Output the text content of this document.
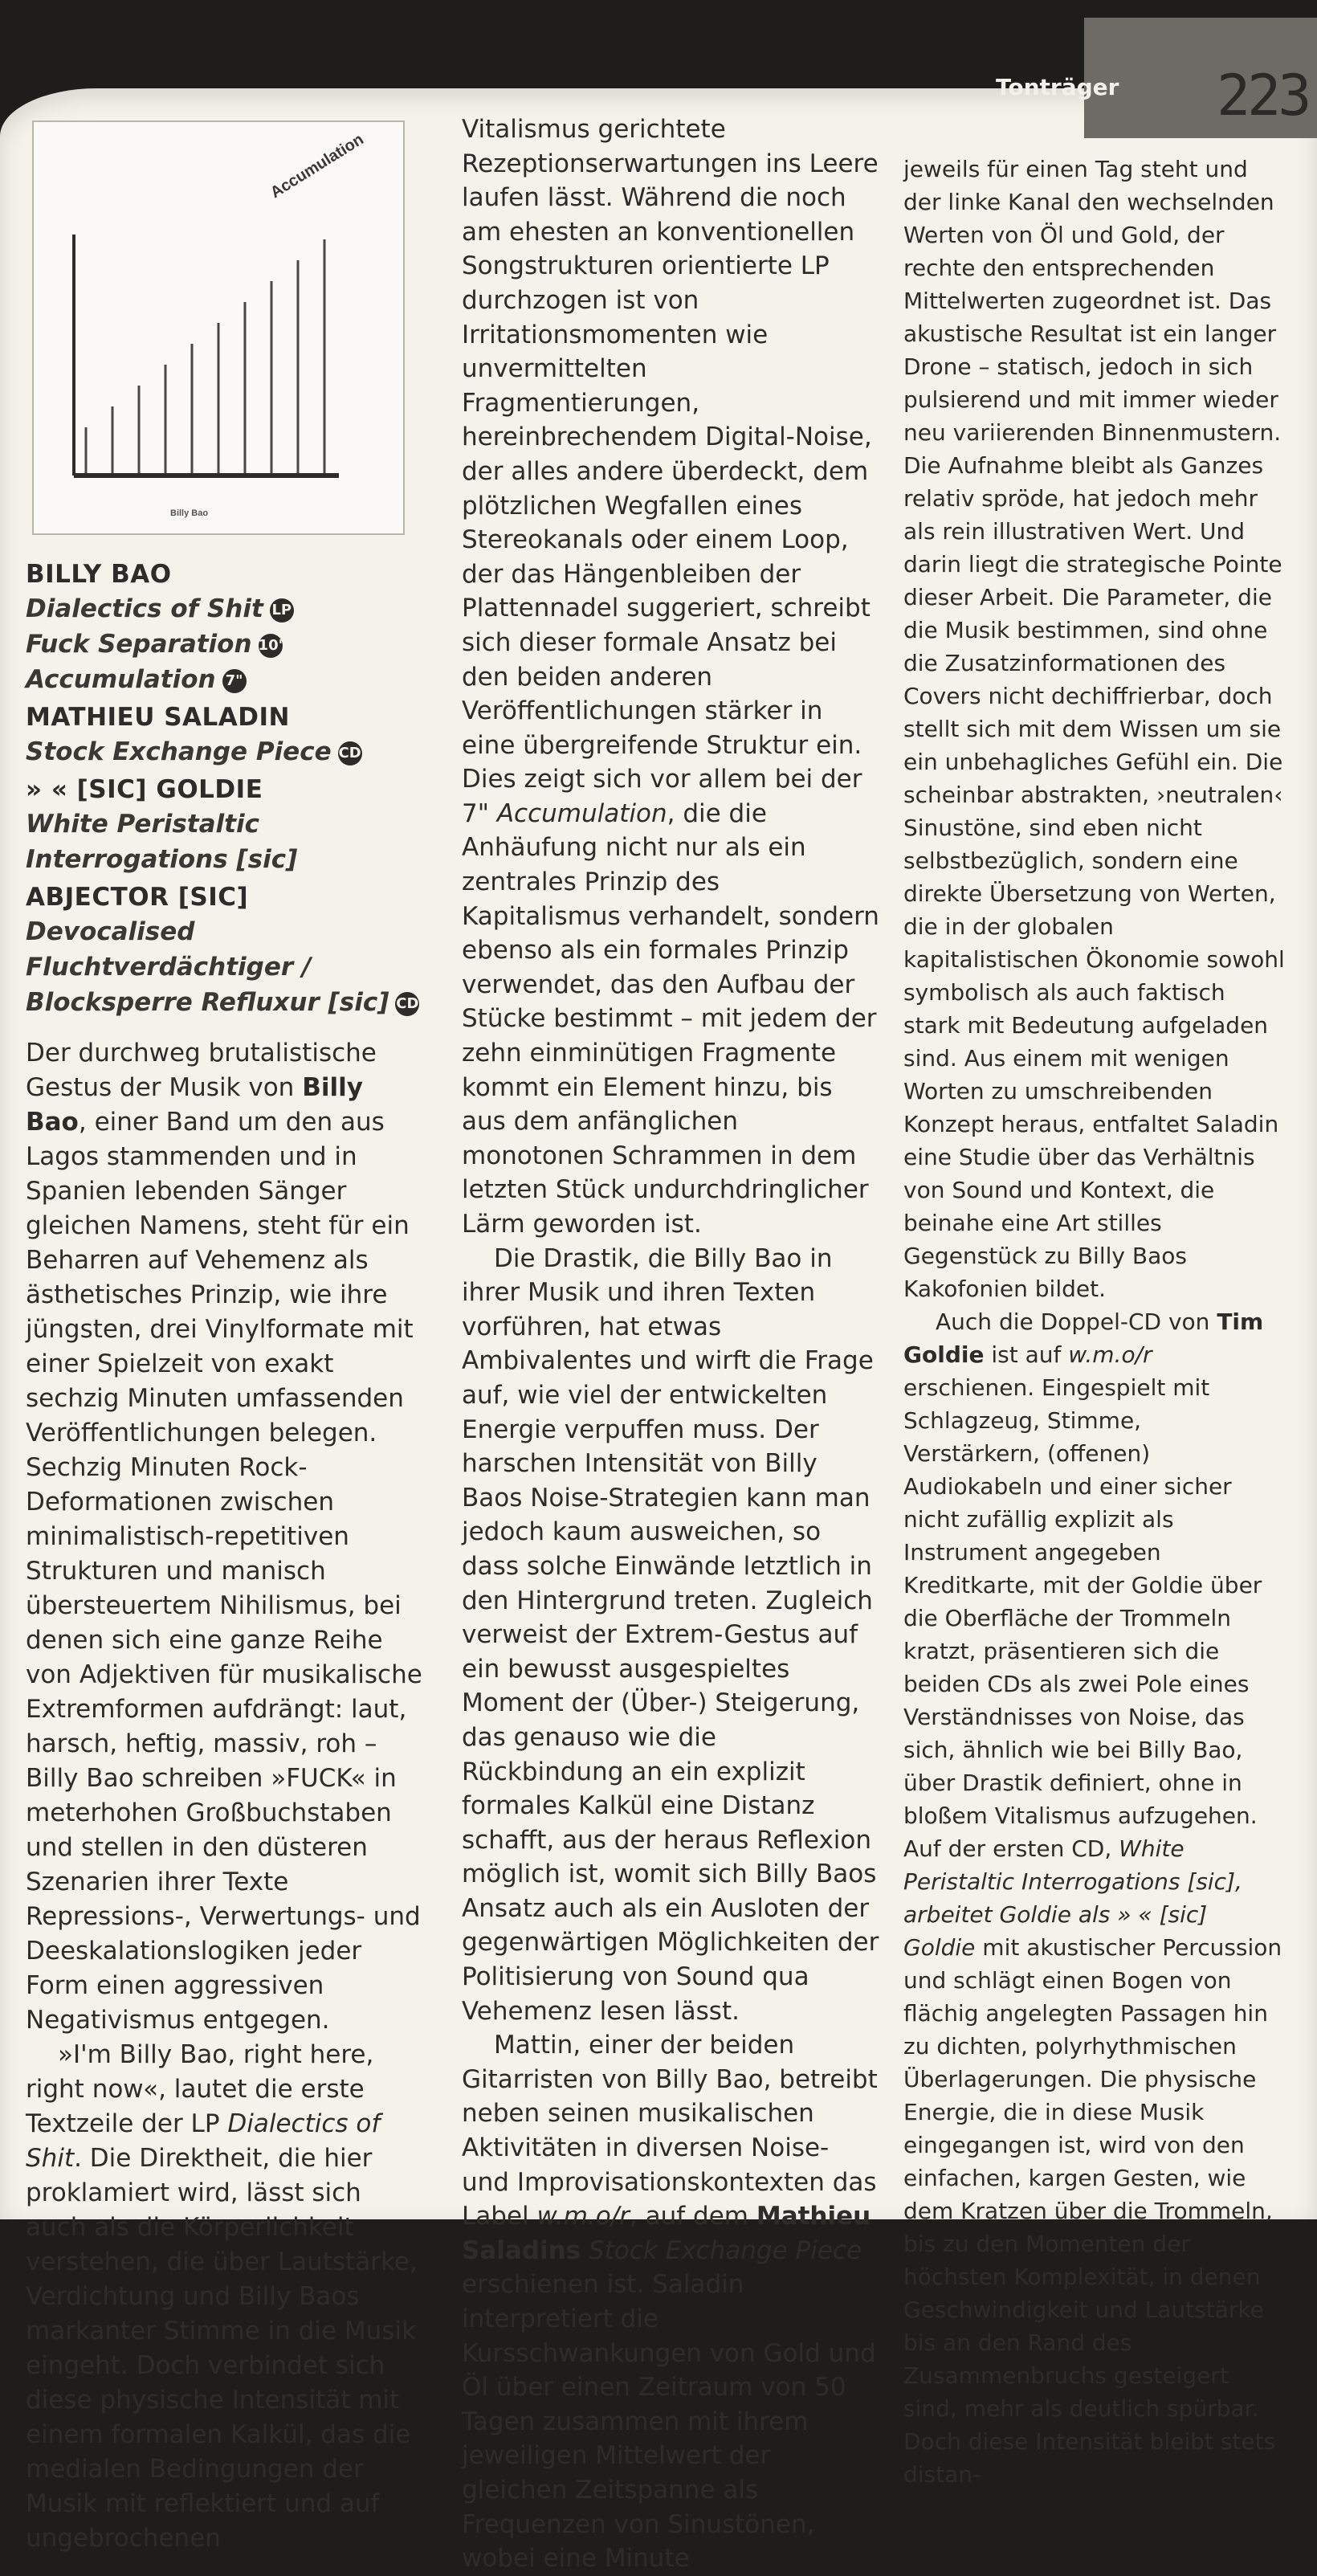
Tonträger 223
Accumulation
Billy Bao
BILLY BAO
Dialectics of Shit LP
Fuck Separation 10"
Accumulation 7"
MATHIEU SALADIN
Stock Exchange Piece CD
» « [SIC] GOLDIE
White Peristaltic Interrogations [sic]
ABJECTOR [SIC]
Devocalised Fluchtverdächtiger / Blocksperre Refluxur [sic] CD

Der durchweg brutalistische Gestus der Musik von Billy Bao, einer Band um den aus Lagos stammenden und in Spanien lebenden Sänger gleichen Namens, steht für ein Beharren auf Vehemenz als ästhetisches Prinzip, wie ihre jüngsten, drei Vinylformate mit einer Spielzeit von exakt sechzig Minuten umfassenden Veröffentlichungen belegen. Sechzig Minuten Rock-Deformationen zwischen minimalistisch-repetitiven Strukturen und manisch übersteuertem Nihilismus, bei denen sich eine ganze Reihe von Adjektiven für musikalische Extremformen aufdrängt: laut, harsch, heftig, massiv, roh – Billy Bao schreiben »FUCK« in meterhohen Großbuchstaben und stellen in den düsteren Szenarien ihrer Texte Repressions-, Verwertungs- und Deeskalationslogiken jeder Form einen aggressiven Negativismus entgegen.

»I'm Billy Bao, right here, right now«, lautet die erste Textzeile der LP Dialectics of Shit. Die Direktheit, die hier proklamiert wird, lässt sich auch als die Körperlichkeit verstehen, die über Lautstärke, Verdichtung und Billy Baos markanter Stimme in die Musik eingeht. Doch verbindet sich diese physische Intensität mit einem formalen Kalkül, das die medialen Bedingungen der Musik mit reflektiert und auf ungebrochenen

Vitalismus gerichtete Rezeptionserwartungen ins Leere laufen lässt. Während die noch am ehesten an konventionellen Songstrukturen orientierte LP durchzogen ist von Irritationsmomenten wie unvermittelten Fragmentierungen, hereinbrechendem Digital-Noise, der alles andere überdeckt, dem plötzlichen Wegfallen eines Stereokanals oder einem Loop, der das Hängenbleiben der Plattennadel suggeriert, schreibt sich dieser formale Ansatz bei den beiden anderen Veröffentlichungen stärker in eine übergreifende Struktur ein. Dies zeigt sich vor allem bei der 7" Accumulation, die die Anhäufung nicht nur als ein zentrales Prinzip des Kapitalismus verhandelt, sondern ebenso als ein formales Prinzip verwendet, das den Aufbau der Stücke bestimmt – mit jedem der zehn einminütigen Fragmente kommt ein Element hinzu, bis aus dem anfänglichen monotonen Schrammen in dem letzten Stück undurchdringlicher Lärm geworden ist.

Die Drastik, die Billy Bao in ihrer Musik und ihren Texten vorführen, hat etwas Ambivalentes und wirft die Frage auf, wie viel der entwickelten Energie verpuffen muss. Der harschen Intensität von Billy Baos Noise-Strategien kann man jedoch kaum ausweichen, so dass solche Einwände letztlich in den Hintergrund treten. Zugleich verweist der Extrem-Gestus auf ein bewusst ausgespieltes Moment der (Über-) Steigerung, das genauso wie die Rückbindung an ein explizit formales Kalkül eine Distanz schafft, aus der heraus Reflexion möglich ist, womit sich Billy Baos Ansatz auch als ein Ausloten der gegenwärtigen Möglichkeiten der Politisierung von Sound qua Vehemenz lesen lässt.

Mattin, einer der beiden Gitarristen von Billy Bao, betreibt neben seinen musikalischen Aktivitäten in diversen Noise- und Improvisationskontexten das Label w.m.o/r, auf dem Mathieu Saladins Stock Exchange Piece erschienen ist. Saladin interpretiert die Kursschwankungen von Gold und Öl über einen Zeitraum von 50 Tagen zusammen mit ihrem jeweiligen Mittelwert der gleichen Zeitspanne als Frequenzen von Sinustönen, wobei eine Minute

jeweils für einen Tag steht und der linke Kanal den wechselnden Werten von Öl und Gold, der rechte den entsprechenden Mittelwerten zugeordnet ist. Das akustische Resultat ist ein langer Drone – statisch, jedoch in sich pulsierend und mit immer wieder neu variierenden Binnenmustern. Die Aufnahme bleibt als Ganzes relativ spröde, hat jedoch mehr als rein illustrativen Wert. Und darin liegt die strategische Pointe dieser Arbeit. Die Parameter, die die Musik bestimmen, sind ohne die Zusatzinformationen des Covers nicht dechiffrierbar, doch stellt sich mit dem Wissen um sie ein unbehagliches Gefühl ein. Die scheinbar abstrakten, ›neutralen‹ Sinustöne, sind eben nicht selbstbezüglich, sondern eine direkte Übersetzung von Werten, die in der globalen kapitalistischen Ökonomie sowohl symbolisch als auch faktisch stark mit Bedeutung aufgeladen sind. Aus einem mit wenigen Worten zu umschreibenden Konzept heraus, entfaltet Saladin eine Studie über das Verhältnis von Sound und Kontext, die beinahe eine Art stilles Gegenstück zu Billy Baos Kakofonien bildet.

Auch die Doppel-CD von Tim Goldie ist auf w.m.o/r erschienen. Eingespielt mit Schlagzeug, Stimme, Verstärkern, (offenen) Audiokabeln und einer sicher nicht zufällig explizit als Instrument angegeben Kreditkarte, mit der Goldie über die Oberfläche der Trommeln kratzt, präsentieren sich die beiden CDs als zwei Pole eines Verständnisses von Noise, das sich, ähnlich wie bei Billy Bao, über Drastik definiert, ohne in bloßem Vitalismus aufzugehen. Auf der ersten CD, White Peristaltic Interrogations [sic], arbeitet Goldie als » « [sic] Goldie mit akustischer Percussion und schlägt einen Bogen von flächig angelegten Passagen hin zu dichten, polyrhythmischen Überlagerungen. Die physische Energie, die in diese Musik eingegangen ist, wird von den einfachen, kargen Gesten, wie dem Kratzen über die Trommeln, bis zu den Momenten der höchsten Komplexität, in denen Geschwindigkeit und Lautstärke bis an den Rand des Zusammenbruchs gesteigert sind, mehr als deutlich spürbar. Doch diese Intensität bleibt stets distan-
